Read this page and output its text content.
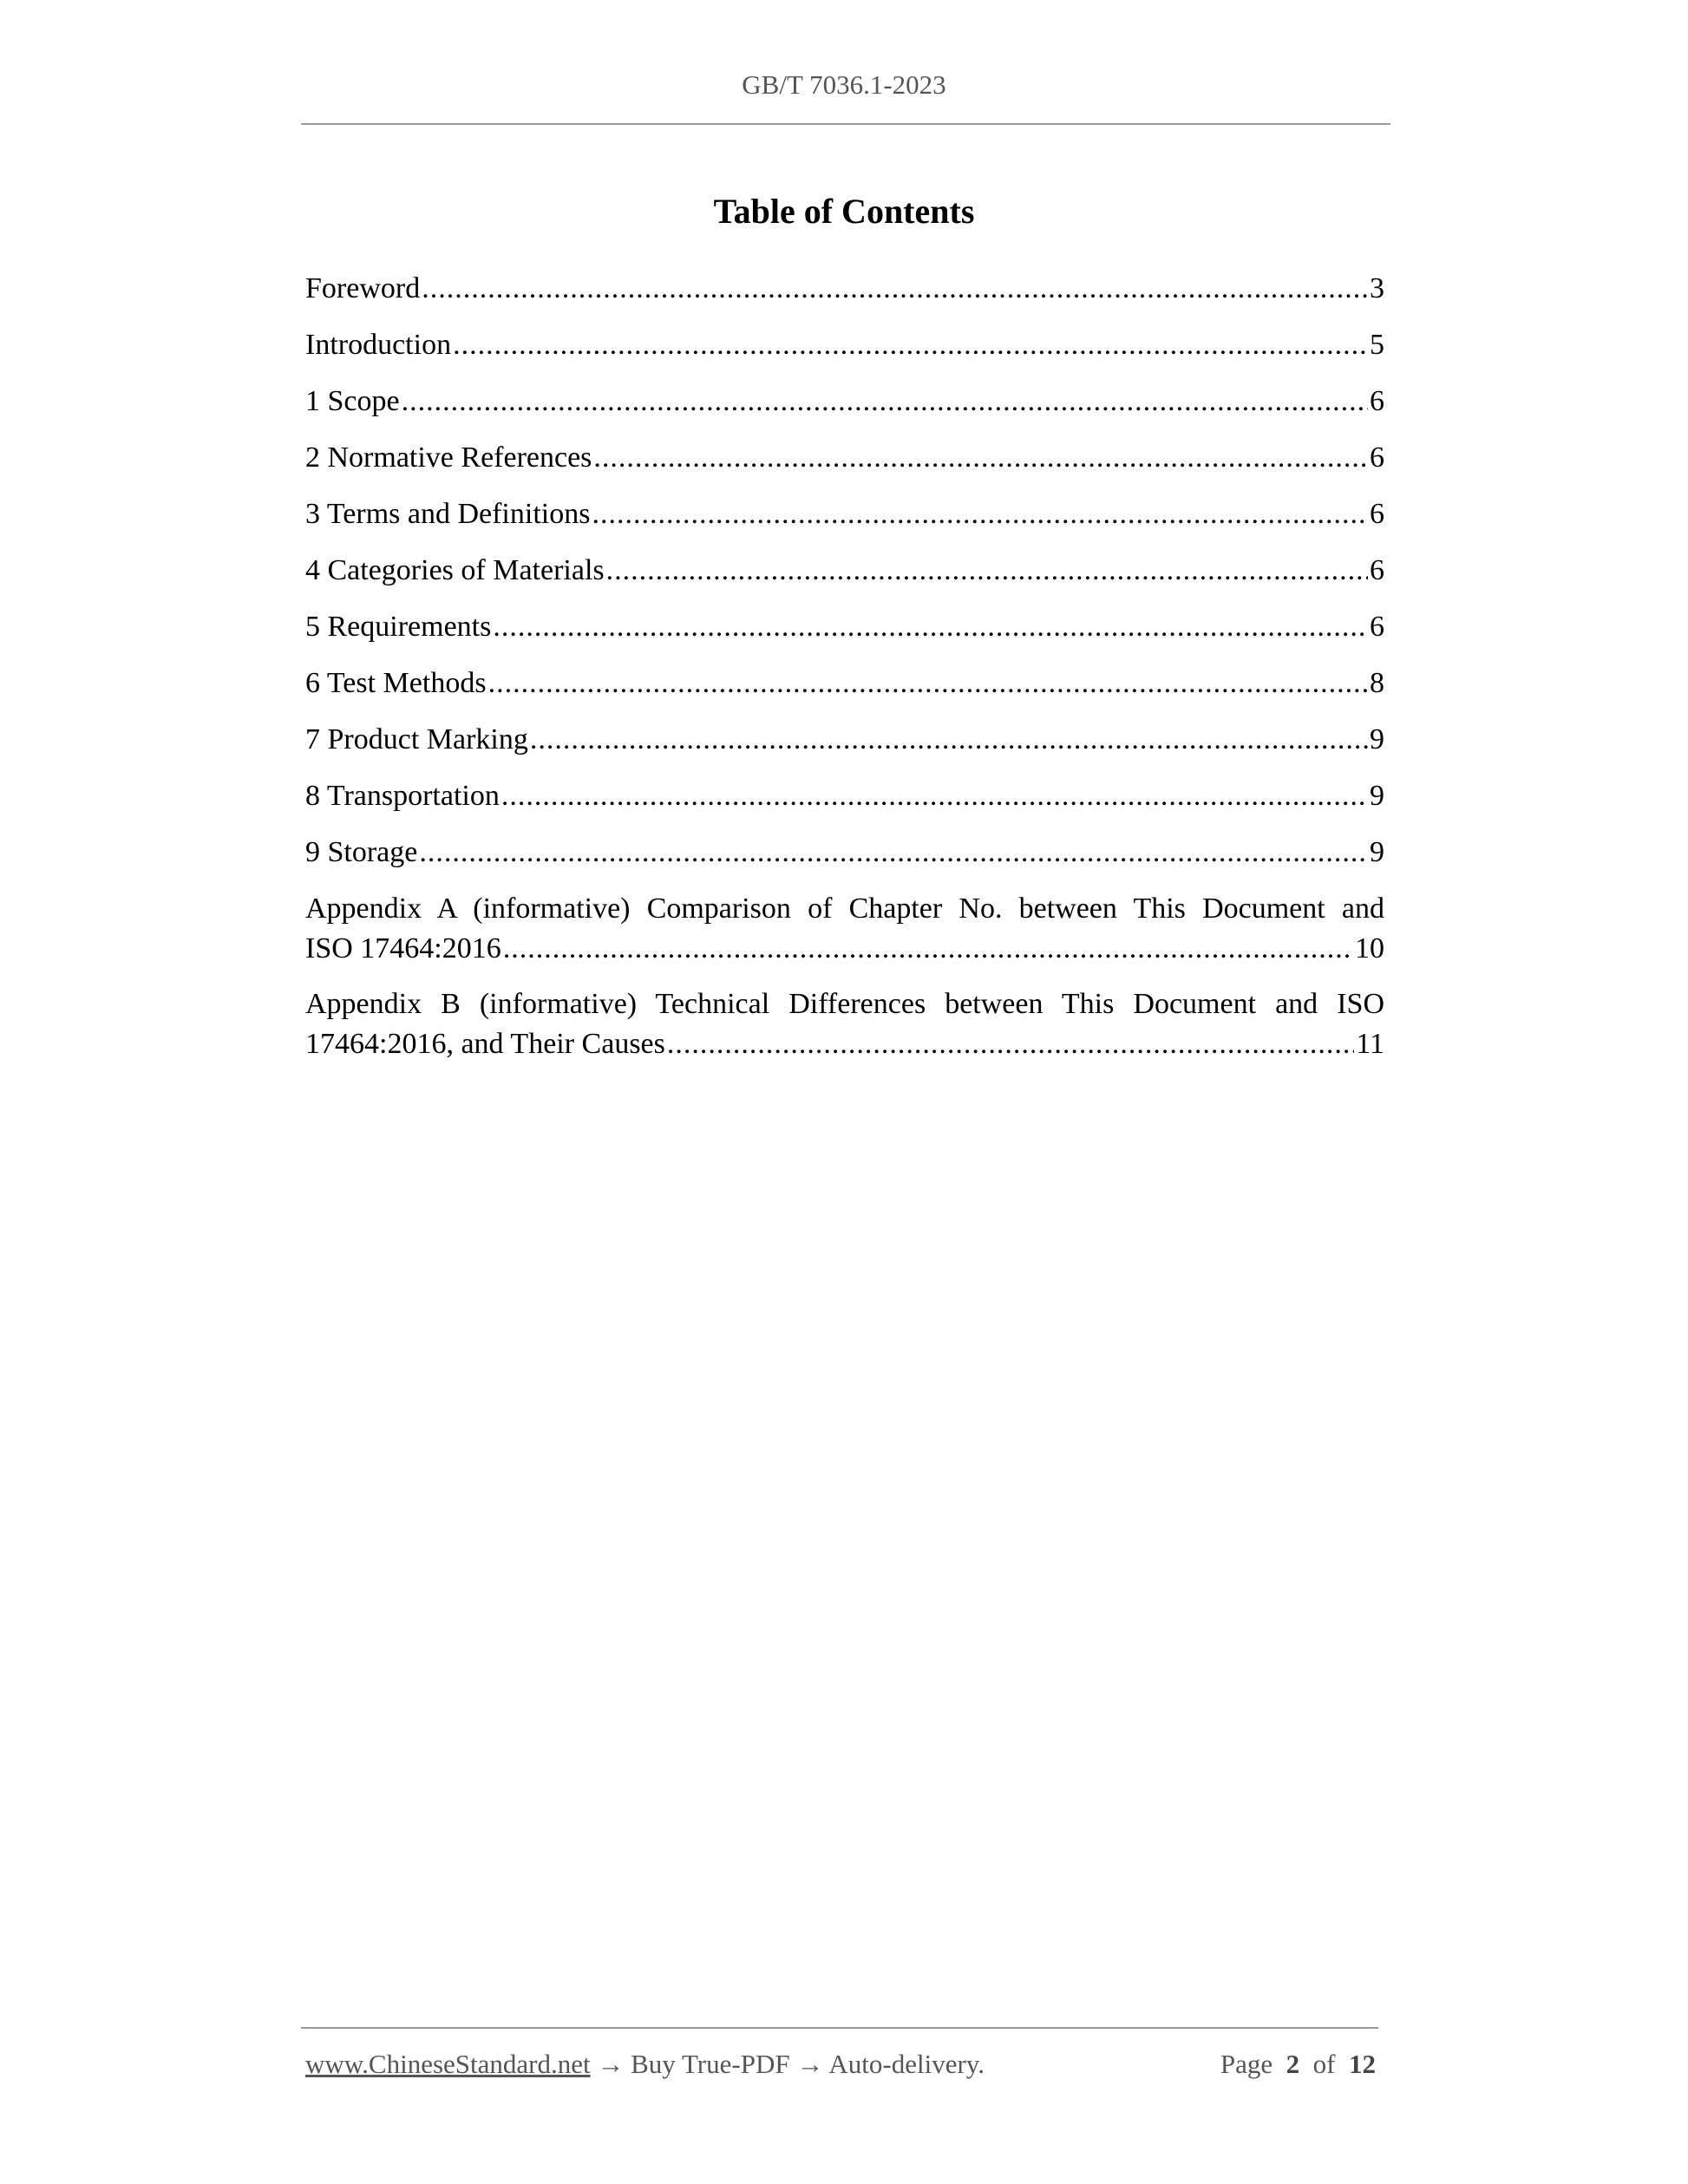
GB/T 7036.1-2023
Table of Contents
Foreword .....	3
Introduction .....	5
1 Scope .....	6
2 Normative References .....	6
3 Terms and Definitions .....	6
4 Categories of Materials .....	6
5 Requirements .....	6
6 Test Methods .....	8
7 Product Marking .....	9
8 Transportation .....	9
9 Storage .....	9
Appendix A (informative) Comparison of Chapter No. between This Document and
ISO 17464:2016 .....	10
Appendix B (informative) Technical Differences between This Document and ISO
17464:2016, and Their Causes .....	11
www.ChineseStandard.net → Buy True-PDF → Auto-delivery.	Page 2 of 12
